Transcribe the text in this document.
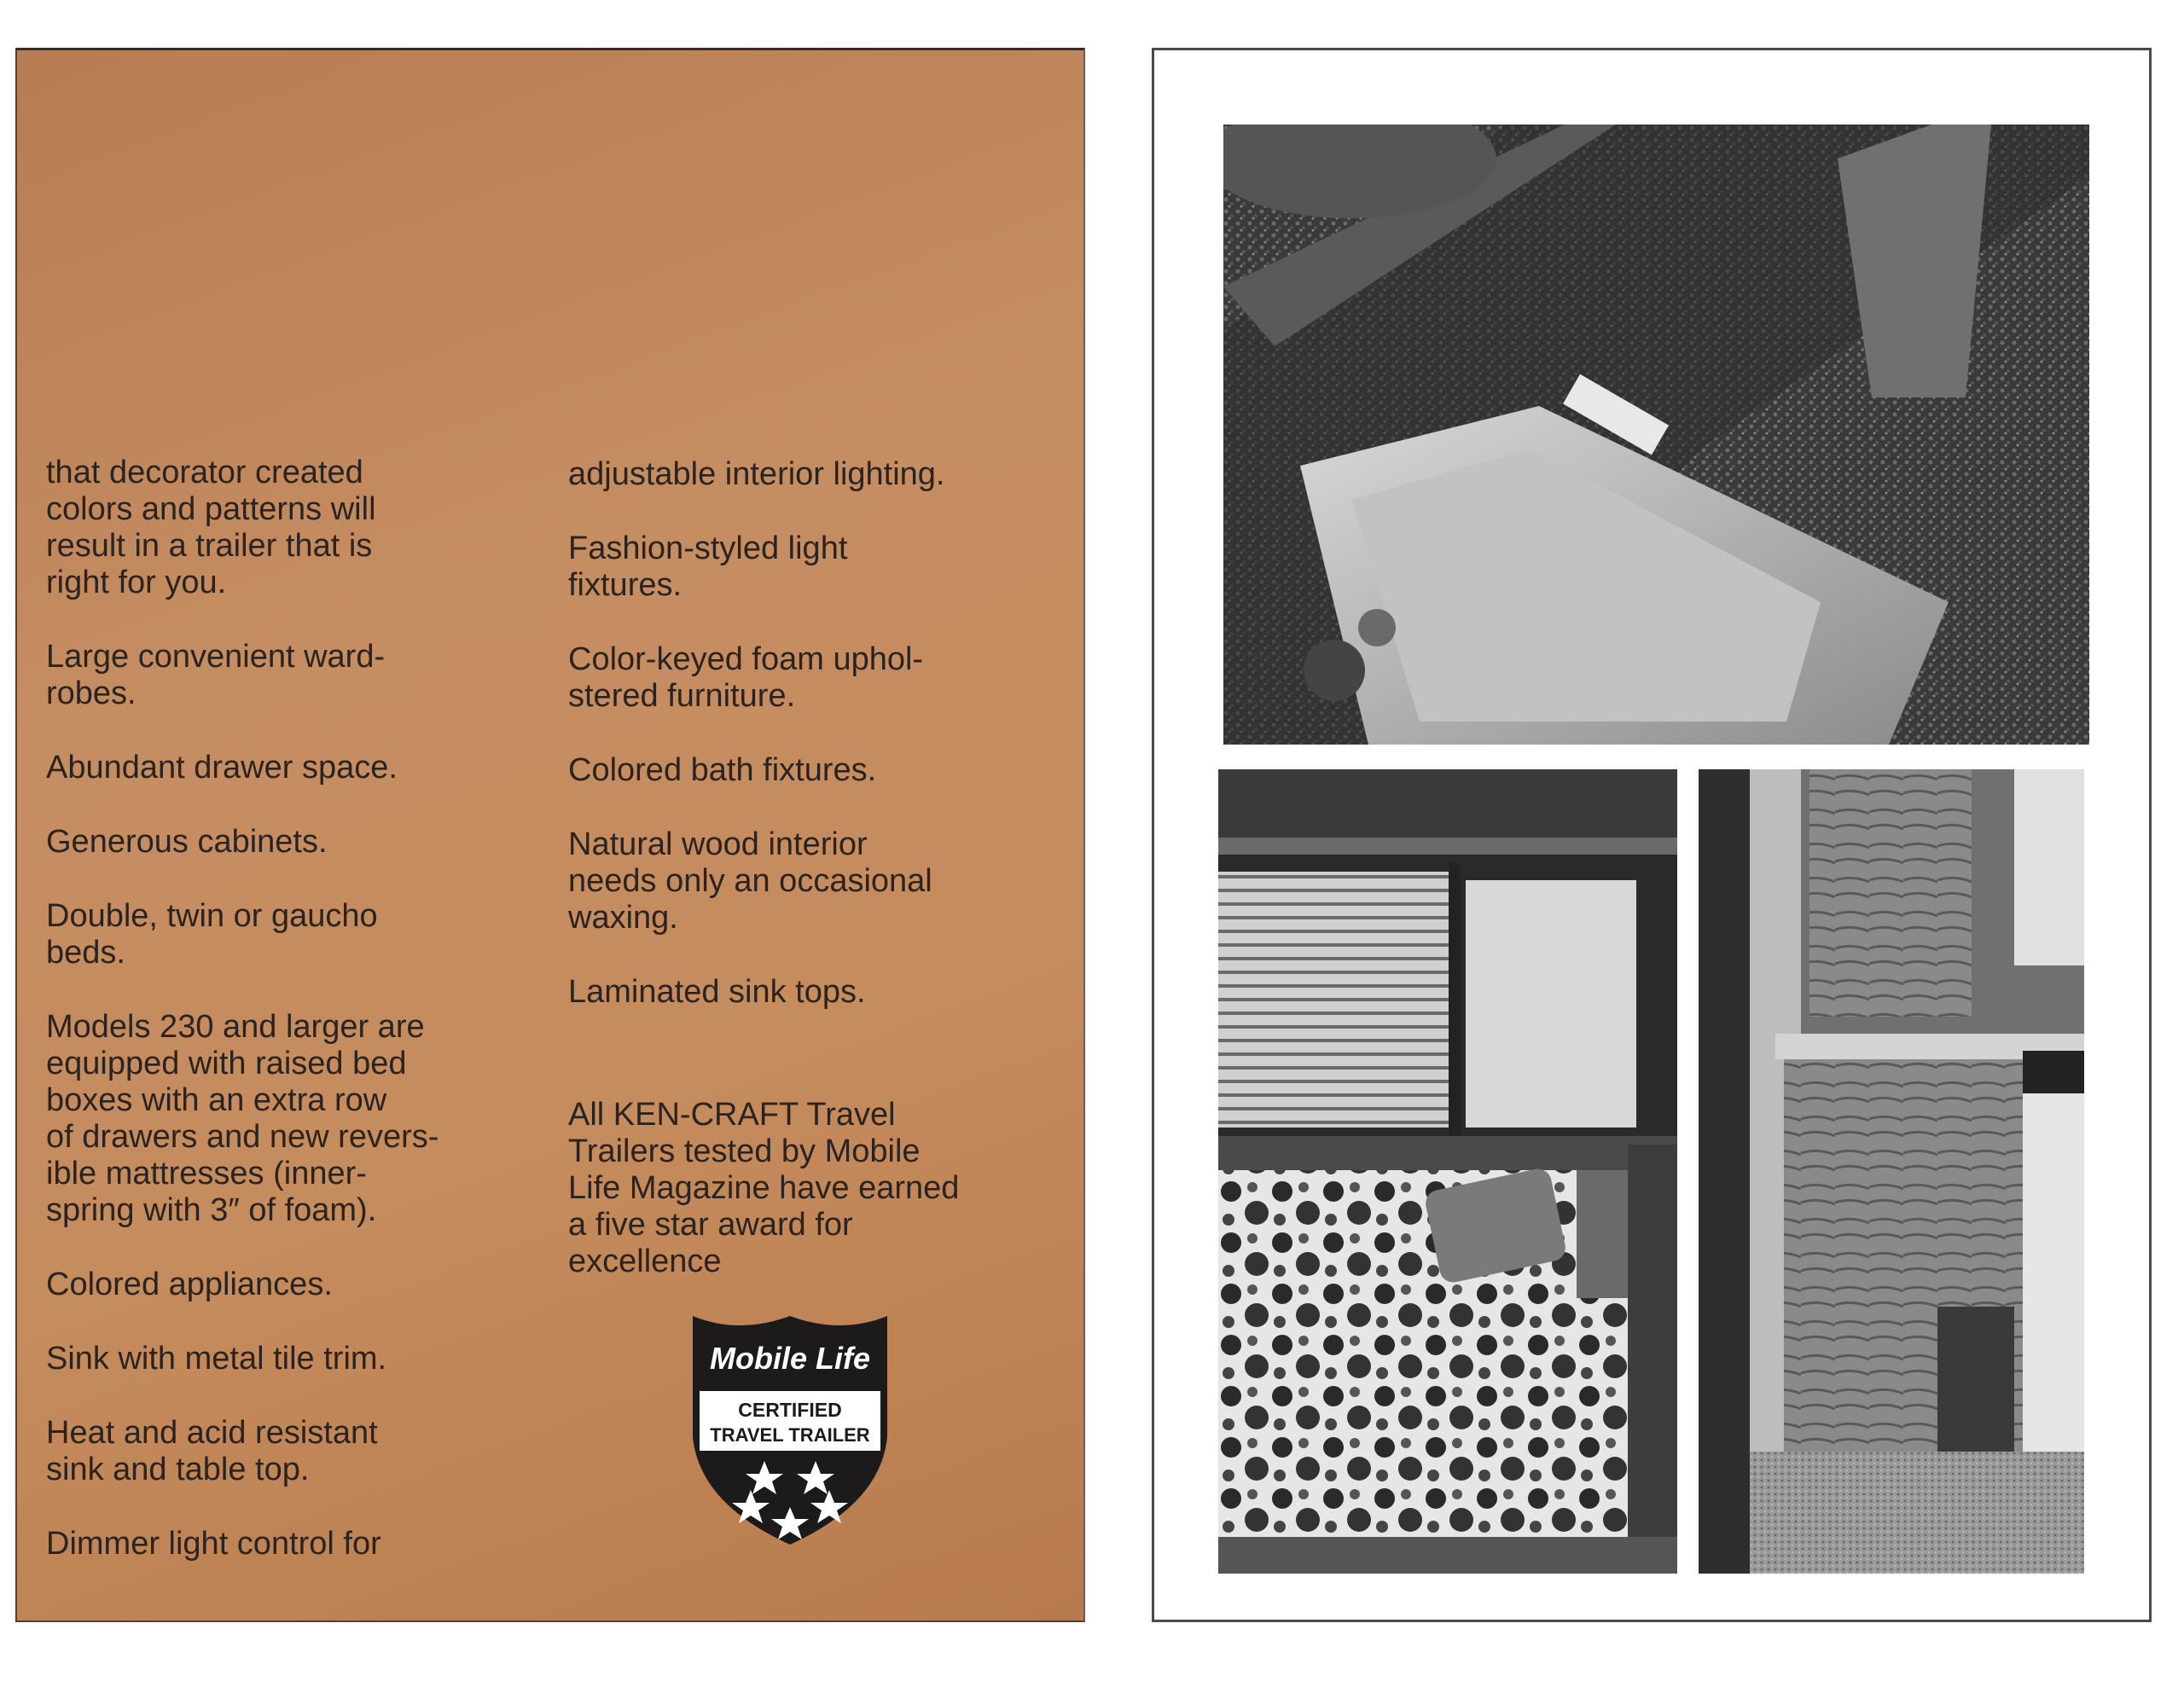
that decorator created
colors and patterns will
result in a trailer that is
right for you.

Large convenient ward-
robes.

Abundant drawer space.

Generous cabinets.

Double, twin or gaucho
beds.

Models 230 and larger are
equipped with raised bed
boxes with an extra row
of drawers and new revers-
ible mattresses (inner-
spring with 3″ of foam).

Colored appliances.

Sink with metal tile trim.

Heat and acid resistant
sink and table top.

Dimmer light control for

adjustable interior lighting.

Fashion-styled light
fixtures.

Color-keyed foam uphol-
stered furniture.

Colored bath fixtures.

Natural wood interior
needs only an occasional
waxing.

Laminated sink tops.

All KEN-CRAFT Travel
Trailers tested by Mobile
Life Magazine have earned
a five star award for
excellence

Mobile Life
CERTIFIED
TRAVEL TRAILER
